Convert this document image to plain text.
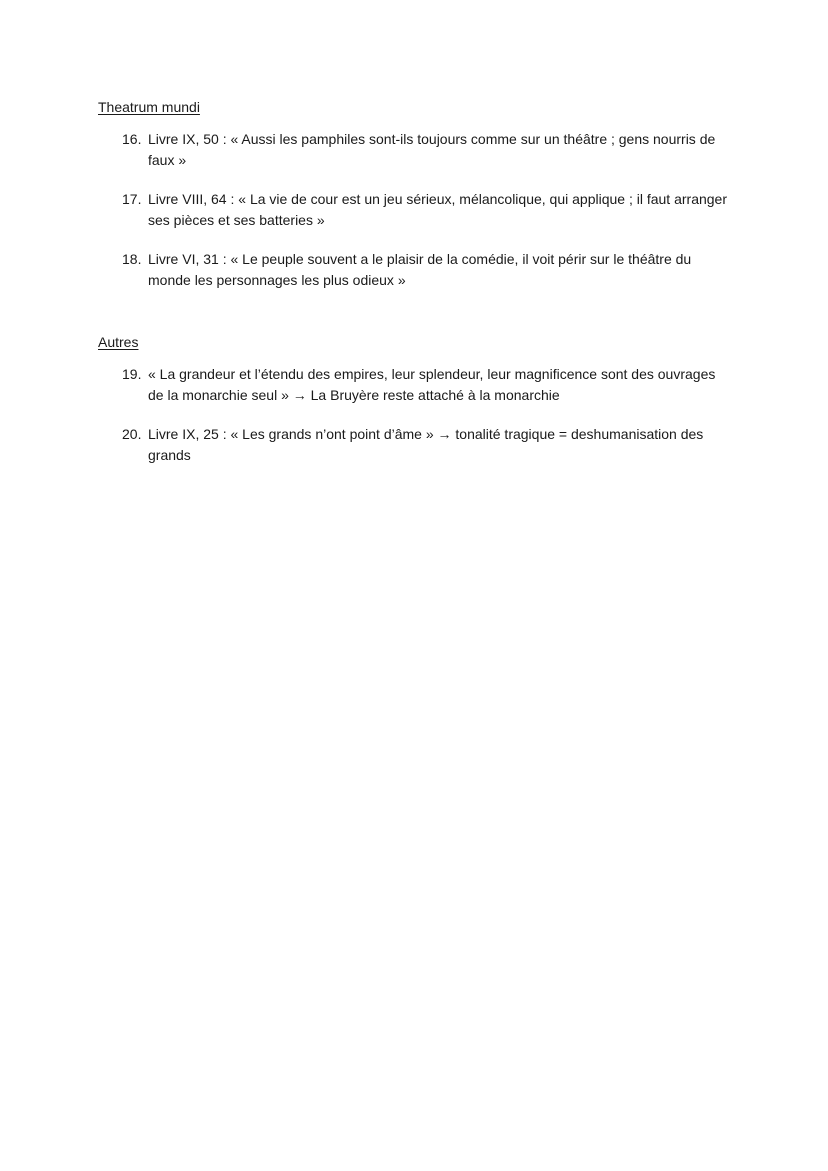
Theatrum mundi
16. Livre IX, 50 : « Aussi les pamphiles sont-ils toujours comme sur un théâtre ; gens nourris de faux »
17. Livre VIII, 64 : « La vie de cour est un jeu sérieux, mélancolique, qui applique ; il faut arranger ses pièces et ses batteries »
18. Livre VI, 31 : « Le peuple souvent a le plaisir de la comédie, il voit périr sur le théâtre du monde les personnages les plus odieux »
Autres
19. « La grandeur et l’étendu des empires, leur splendeur, leur magnificence sont des ouvrages de la monarchie seul » → La Bruyère reste attaché à la monarchie
20. Livre IX, 25 : « Les grands n’ont point d’âme » → tonalité tragique = deshumanisation des grands
